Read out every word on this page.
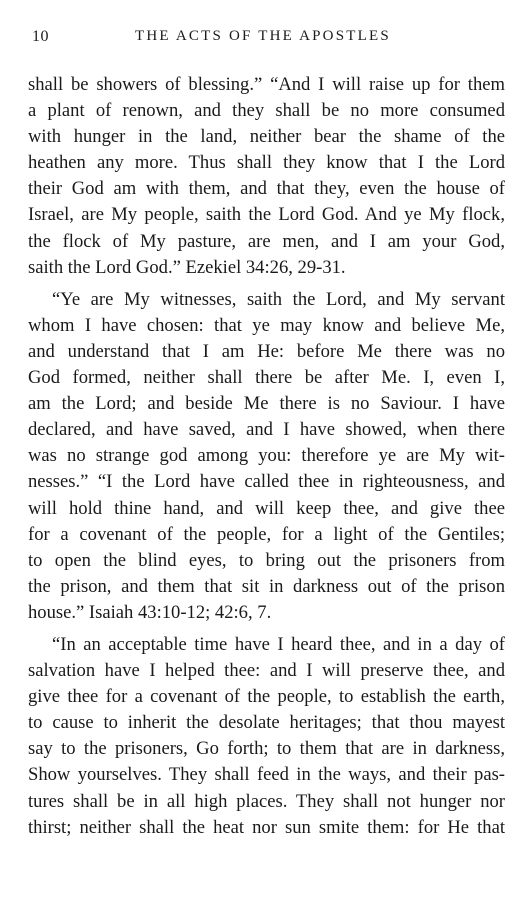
10	THE ACTS OF THE APOSTLES
shall be showers of blessing.” “And I will raise up for them
a plant of renown, and they shall be no more consumed
with hunger in the land, neither bear the shame of the
heathen any more. Thus shall they know that I the Lord
their God am with them, and that they, even the house of
Israel, are My people, saith the Lord God. And ye My flock,
the flock of My pasture, are men, and I am your God,
saith the Lord God.” Ezekiel 34:26, 29-31.
“Ye are My witnesses, saith the Lord, and My servant
whom I have chosen: that ye may know and believe Me,
and understand that I am He: before Me there was no
God formed, neither shall there be after Me. I, even I,
am the Lord; and beside Me there is no Saviour. I have
declared, and have saved, and I have showed, when there
was no strange god among you: therefore ye are My wit-
nesses.” “I the Lord have called thee in righteousness, and
will hold thine hand, and will keep thee, and give thee
for a covenant of the people, for a light of the Gentiles;
to open the blind eyes, to bring out the prisoners from
the prison, and them that sit in darkness out of the prison
house.” Isaiah 43:10-12; 42:6, 7.
“In an acceptable time have I heard thee, and in a day of
salvation have I helped thee: and I will preserve thee, and
give thee for a covenant of the people, to establish the earth,
to cause to inherit the desolate heritages; that thou mayest
say to the prisoners, Go forth; to them that are in darkness,
Show yourselves. They shall feed in the ways, and their pas-
tures shall be in all high places. They shall not hunger nor
thirst; neither shall the heat nor sun smite them: for He that
